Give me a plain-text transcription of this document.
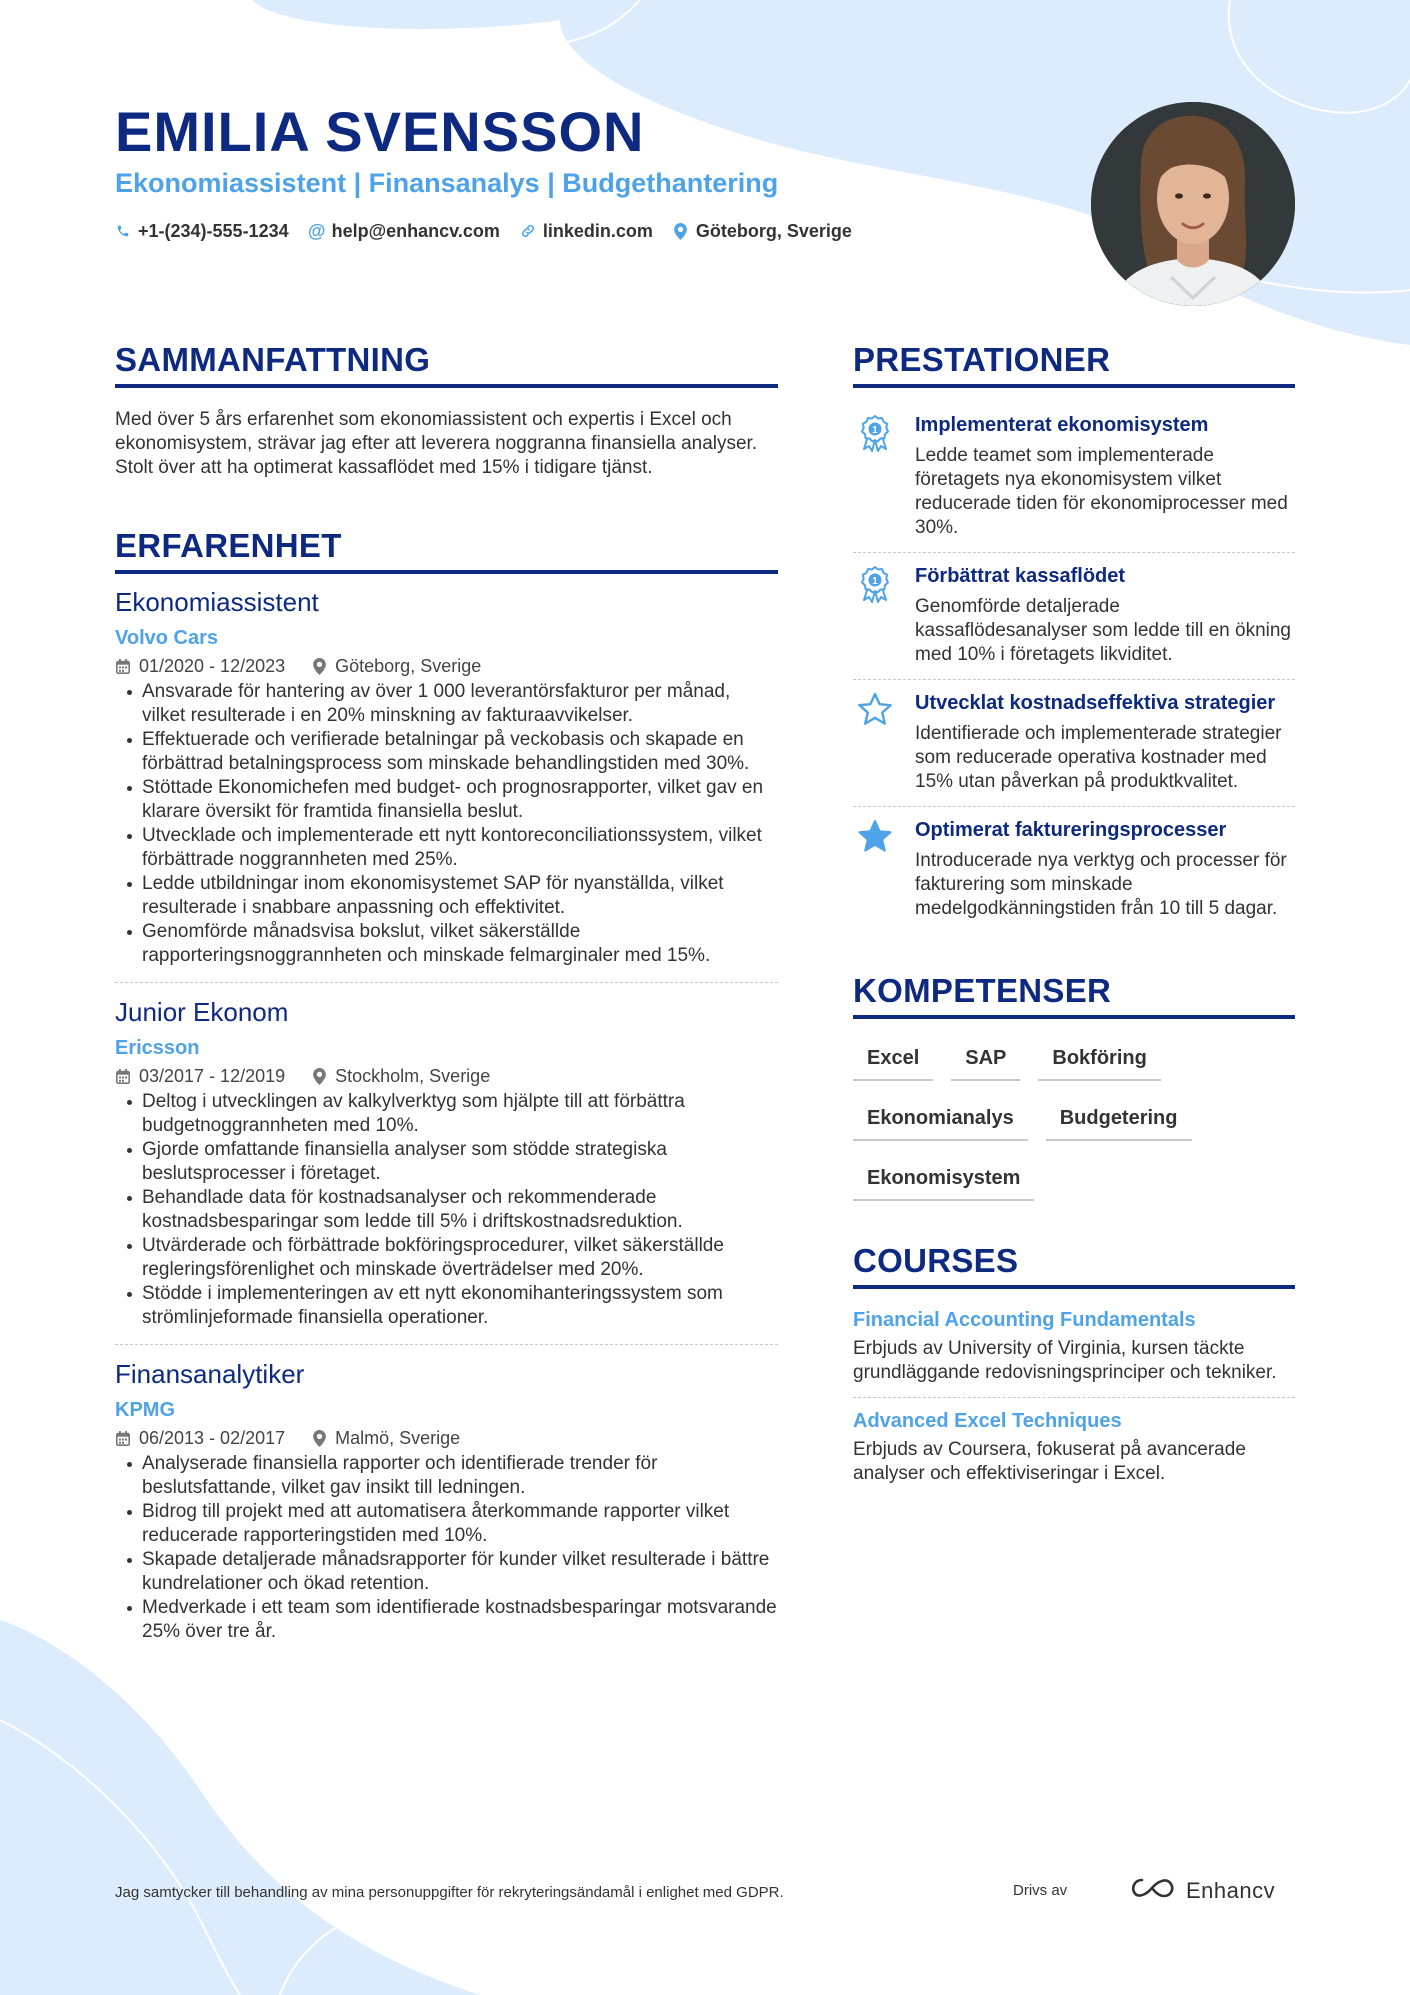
EMILIA SVENSSON
Ekonomiassistent | Finansanalys | Budgethantering
+1-(234)-555-1234 @ help@enhancv.com linkedin.com Göteborg, Sverige
SAMMANFATTNING

Med över 5 års erfarenhet som ekonomiassistent och expertis i Excel och ekonomisystem, strävar jag efter att leverera noggranna finansiella analyser. Stolt över att ha optimerat kassaflödet med 15% i tidigare tjänst.

ERFARENHET
Ekonomiassistent
Volvo Cars
01/2020 - 12/2023	Göteborg, Sverige
Ansvarade för hantering av över 1 000 leverantörsfakturor per månad, vilket resulterade i en 20% minskning av fakturaavvikelser.
Effektuerade och verifierade betalningar på veckobasis och skapade en förbättrad betalningsprocess som minskade behandlingstiden med 30%.
Stöttade Ekonomichefen med budget- och prognosrapporter, vilket gav en klarare översikt för framtida finansiella beslut.
Utvecklade och implementerade ett nytt kontoreconciliationssystem, vilket förbättrade noggrannheten med 25%.
Ledde utbildningar inom ekonomisystemet SAP för nyanställda, vilket resulterade i snabbare anpassning och effektivitet.
Genomförde månadsvisa bokslut, vilket säkerställde rapporteringsnoggrannheten och minskade felmarginaler med 15%.
Junior Ekonom
Ericsson
03/2017 - 12/2019	Stockholm, Sverige
Deltog i utvecklingen av kalkylverktyg som hjälpte till att förbättra budgetnoggrannheten med 10%.
Gjorde omfattande finansiella analyser som stödde strategiska beslutsprocesser i företaget.
Behandlade data för kostnadsanalyser och rekommenderade kostnadsbesparingar som ledde till 5% i driftskostnadsreduktion.
Utvärderade och förbättrade bokföringsprocedurer, vilket säkerställde regleringsförenlighet och minskade överträdelser med 20%.
Stödde i implementeringen av ett nytt ekonomihanteringssystem som strömlinjeformade finansiella operationer.
Finansanalytiker
KPMG
06/2013 - 02/2017	Malmö, Sverige
Analyserade finansiella rapporter och identifierade trender för beslutsfattande, vilket gav insikt till ledningen.
Bidrog till projekt med att automatisera återkommande rapporter vilket reducerade rapporteringstiden med 10%.
Skapade detaljerade månadsrapporter för kunder vilket resulterade i bättre kundrelationer och ökad retention.
Medverkade i ett team som identifierade kostnadsbesparingar motsvarande 25% över tre år.
PRESTATIONER
1 Implementerat ekonomisystem
Ledde teamet som implementerade företagets nya ekonomisystem vilket reducerade tiden för ekonomiprocesser med 30%.
1 Förbättrat kassaflödet
Genomförde detaljerade kassaflödesanalyser som ledde till en ökning med 10% i företagets likviditet.
Utvecklat kostnadseffektiva strategier
Identifierade och implementerade strategier som reducerade operativa kostnader med 15% utan påverkan på produktkvalitet.
Optimerat faktureringsprocesser
Introducerade nya verktyg och processer för fakturering som minskade medelgodkänningstiden från 10 till 5 dagar.
KOMPETENSER
Excel	SAP	Bokföring
Ekonomianalys	Budgetering
Ekonomisystem
COURSES
Financial Accounting Fundamentals
Erbjuds av University of Virginia, kursen täckte grundläggande redovisningsprinciper och tekniker.
Advanced Excel Techniques
Erbjuds av Coursera, fokuserat på avancerade analyser och effektiviseringar i Excel.
Jag samtycker till behandling av mina personuppgifter för rekryteringsändamål i enlighet med GDPR.	Drivs av	Enhancv
